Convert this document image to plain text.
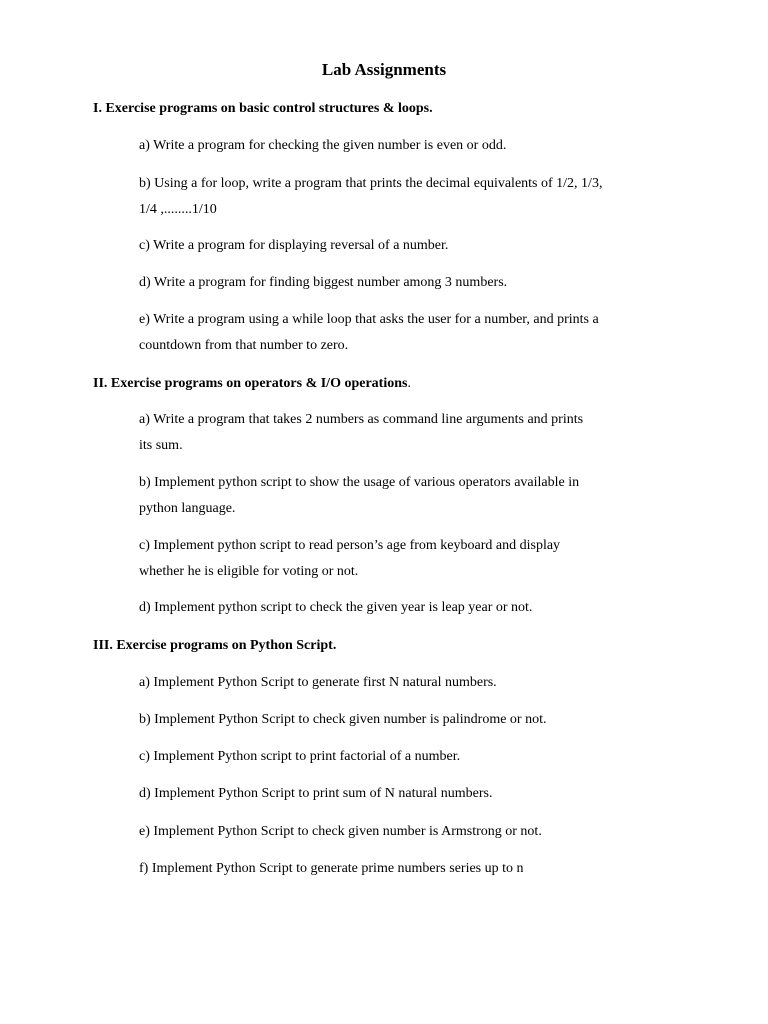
Lab Assignments
I. Exercise programs on basic control structures & loops.
a) Write a program for checking the given number is even or odd.
b) Using a for loop, write a program that prints the decimal equivalents of 1/2, 1/3,
1/4 ,........1/10
c) Write a program for displaying reversal of a number.
d) Write a program for finding biggest number among 3 numbers.
e) Write a program using a while loop that asks the user for a number, and prints a
countdown from that number to zero.
II. Exercise programs on operators & I/O operations.
a) Write a program that takes 2 numbers as command line arguments and prints
its sum.
b) Implement python script to show the usage of various operators available in
python language.
c) Implement python script to read person’s age from keyboard and display
whether he is eligible for voting or not.
d) Implement python script to check the given year is leap year or not.
III. Exercise programs on Python Script.
a) Implement Python Script to generate first N natural numbers.
b) Implement Python Script to check given number is palindrome or not.
c) Implement Python script to print factorial of a number.
d) Implement Python Script to print sum of N natural numbers.
e) Implement Python Script to check given number is Armstrong or not.
f) Implement Python Script to generate prime numbers series up to n
